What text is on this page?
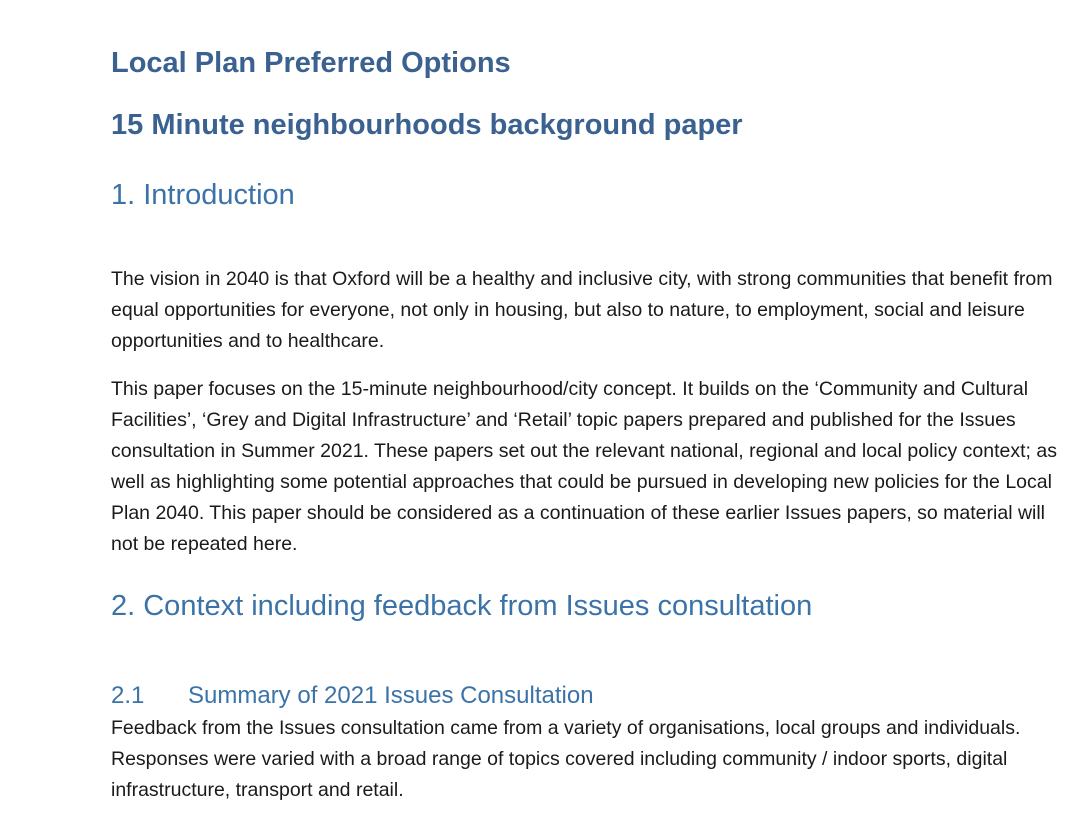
Local Plan Preferred Options
15 Minute neighbourhoods background paper
1. Introduction

The vision in 2040 is that Oxford will be a healthy and inclusive city, with strong communities that benefit from equal opportunities for everyone, not only in housing, but also to nature, to employment, social and leisure opportunities and to healthcare.

This paper focuses on the 15-minute neighbourhood/city concept. It builds on the ‘Community and Cultural Facilities’, ‘Grey and Digital Infrastructure’ and ‘Retail’ topic papers prepared and published for the Issues consultation in Summer 2021. These papers set out the relevant national, regional and local policy context; as well as highlighting some potential approaches that could be pursued in developing new policies for the Local Plan 2040. This paper should be considered as a continuation of these earlier Issues papers, so material will not be repeated here.

2. Context including feedback from Issues consultation
2.1 Summary of 2021 Issues Consultation

Feedback from the Issues consultation came from a variety of organisations, local groups and individuals. Responses were varied with a broad range of topics covered including community / indoor sports, digital infrastructure, transport and retail.
